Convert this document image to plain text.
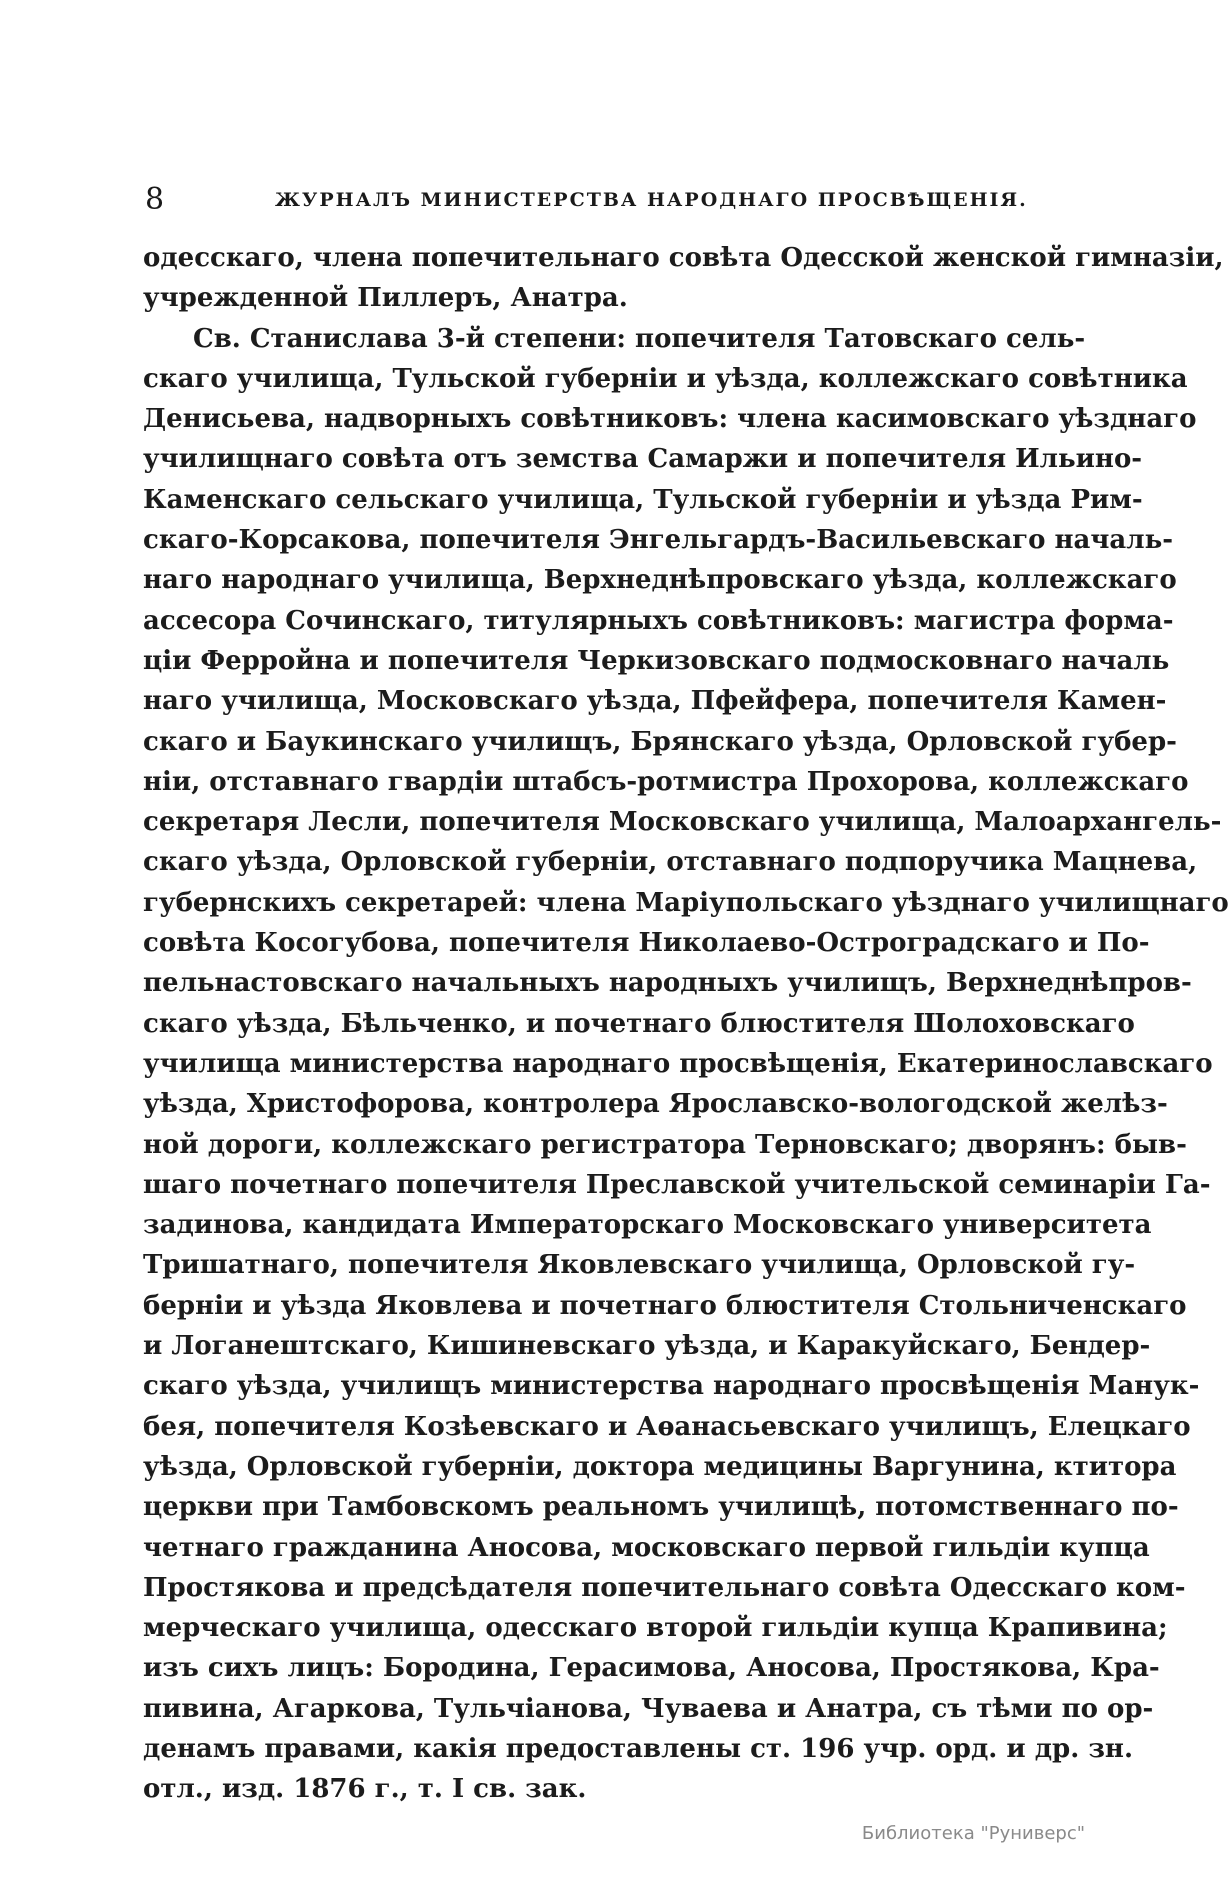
8	ЖУРНАЛЪ МИНИСТЕРСТВА НАРОДНАГО ПРОСВѢЩЕНІЯ.
одесскаго, члена попечительнаго совѣта Одесской женской гимназіи,
учрежденной Пиллеръ, Анатра.
Св. Станислава 3-й степени: попечителя Татовскаго сель-
скаго училища, Тульской губерніи и уѣзда, коллежскаго совѣтника
Денисьева, надворныхъ совѣтниковъ: члена касимовскаго уѣзднаго
училищнаго совѣта отъ земства Самаржи и попечителя Ильино-
Каменскаго сельскаго училища, Тульской губерніи и уѣзда Рим-
скаго-Корсакова, попечителя Энгельгардъ-Васильевскаго началь-
наго народнаго училища, Верхнеднѣпровскаго уѣзда, коллежскаго
ассесора Сочинскаго, титулярныхъ совѣтниковъ: магистра форма-
ціи Ферройна и попечителя Черкизовскаго подмосковнаго началь
наго училища, Московскаго уѣзда, Пфейфера, попечителя Камен-
скаго и Баукинскаго училищъ, Брянскаго уѣзда, Орловской губер-
ніи, отставнаго гвардіи штабсъ-ротмистра Прохорова, коллежскаго
секретаря Лесли, попечителя Московскаго училища, Малоархангель-
скаго уѣзда, Орловской губерніи, отставнаго подпоручика Мацнева,
губернскихъ секретарей: члена Маріупольскаго уѣзднаго училищнаго
совѣта Косогубова, попечителя Николаево-Остроградскаго и По-
пельнастовскаго начальныхъ народныхъ училищъ, Верхнеднѣпров-
скаго уѣзда, Бѣльченко, и почетнаго блюстителя Шолоховскаго
училища министерства народнаго просвѣщенія, Екатеринославскаго
уѣзда, Христофорова, контролера Ярославско-вологодской желѣз-
ной дороги, коллежскаго регистратора Терновскаго; дворянъ: быв-
шаго почетнаго попечителя Преславской учительской семинаріи Га-
задинова, кандидата Императорскаго Московскаго университета
Тришатнаго, попечителя Яковлевскаго училища, Орловской гу-
берніи и уѣзда Яковлева и почетнаго блюстителя Стольниченскаго
и Логанештскаго, Кишиневскаго уѣзда, и Каракуйскаго, Бендер-
скаго уѣзда, училищъ министерства народнаго просвѣщенія Манук-
бея, попечителя Козѣевскаго и Аѳанасьевскаго училищъ, Елецкаго
уѣзда, Орловской губерніи, доктора медицины Варгунина, ктитора
церкви при Тамбовскомъ реальномъ училищѣ, потомственнаго по-
четнаго гражданина Аносова, московскаго первой гильдіи купца
Простякова и предсѣдателя попечительнаго совѣта Одесскаго ком-
мерческаго училища, одесскаго второй гильдіи купца Крапивина;
изъ сихъ лицъ: Бородина, Герасимова, Аносова, Простякова, Кра-
пивина, Агаркова, Тульчіанова, Чуваева и Анатра, съ тѣми по ор-
денамъ правами, какія предоставлены ст. 196 учр. орд. и др. зн.
отл., изд. 1876 г., т. I св. зак.
Библиотека "Руниверс"
